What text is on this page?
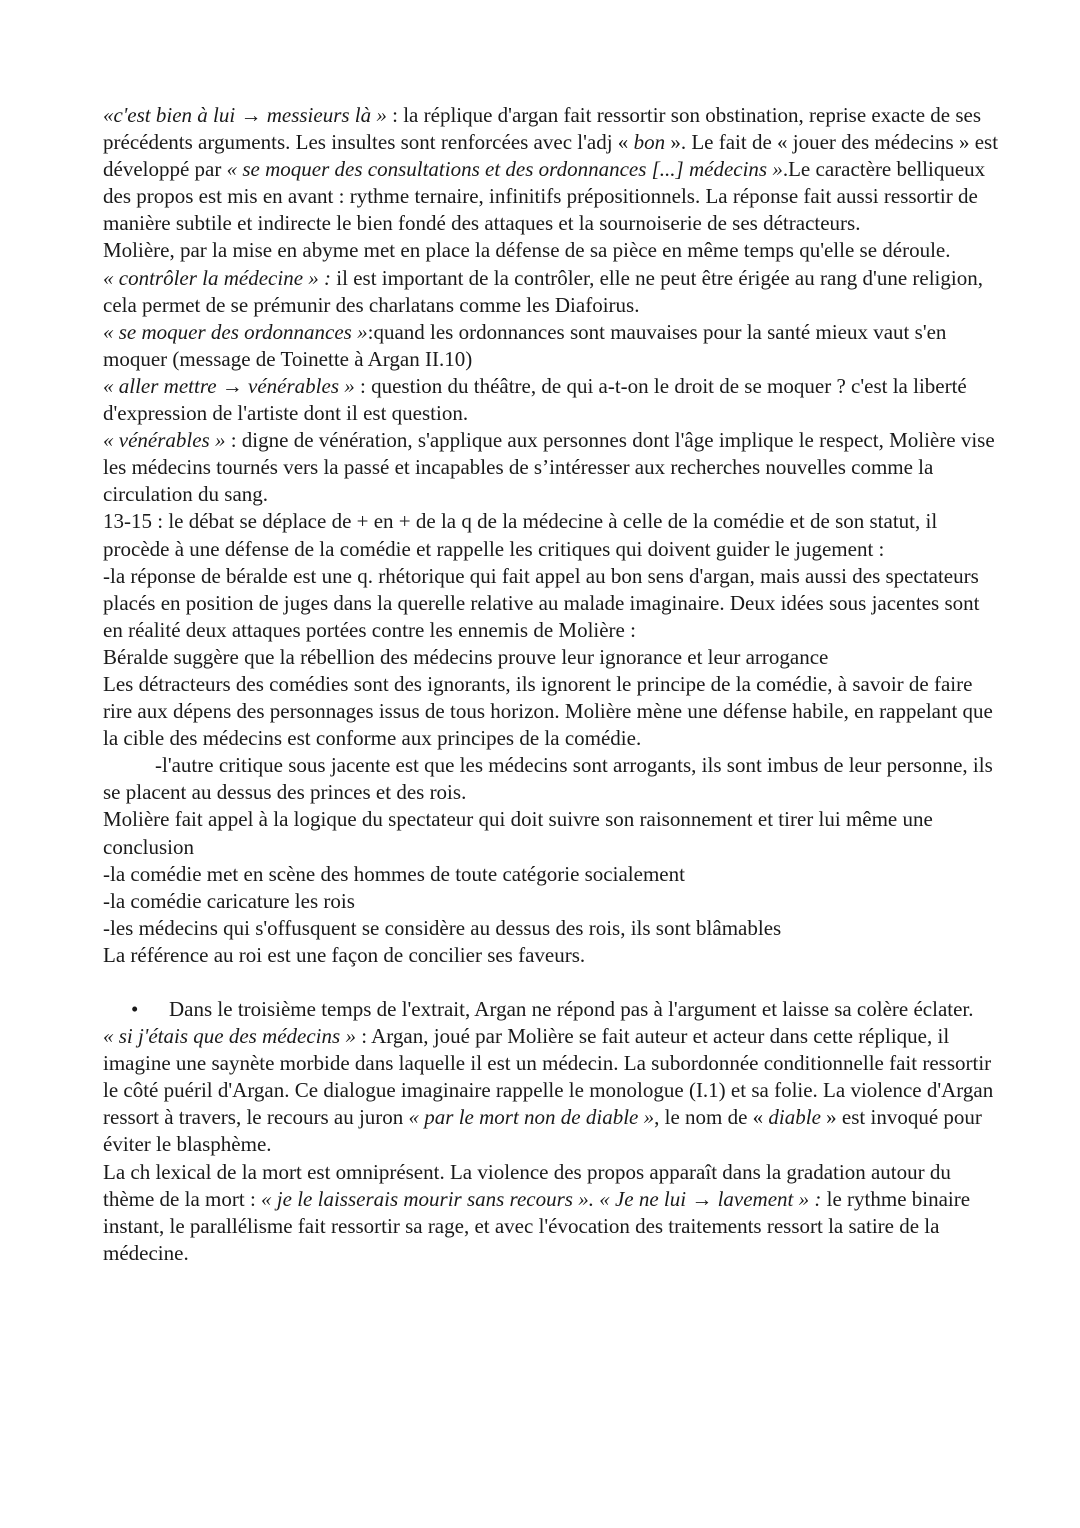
«c'est bien à lui → messieurs là » : la réplique d'argan fait ressortir son obstination, reprise exacte de ses précédents arguments. Les insultes sont renforcées avec l'adj « bon ». Le fait de « jouer des médecins » est développé par « se moquer des consultations et des ordonnances [...] médecins ».Le caractère belliqueux des propos est mis en avant : rythme ternaire, infinitifs prépositionnels. La réponse fait aussi ressortir de manière subtile et indirecte le bien fondé des attaques et la sournoiserie de ses détracteurs.

Molière, par la mise en abyme met en place la défense de sa pièce en même temps qu'elle se déroule.

« contrôler la médecine » : il est important de la contrôler, elle ne peut être érigée au rang d'une religion, cela permet de se prémunir des charlatans comme les Diafoirus.

« se moquer des ordonnances »:quand les ordonnances sont mauvaises pour la santé mieux vaut s'en moquer (message de Toinette à Argan II.10)

« aller mettre → vénérables » : question du théâtre, de qui a-t-on le droit de se moquer ? c'est la liberté d'expression de l'artiste dont il est question.

« vénérables » : digne de vénération, s'applique aux personnes dont l'âge implique le respect, Molière vise les médecins tournés vers la passé et incapables de s’intéresser aux recherches nouvelles comme la circulation du sang.

13-15 : le débat se déplace de + en + de la q de la médecine à celle de la comédie et de son statut, il procède à une défense de la comédie et rappelle les critiques qui doivent guider le jugement :

-la réponse de béralde est une q. rhétorique qui fait appel au bon sens d'argan, mais aussi des spectateurs placés en position de juges dans la querelle relative au malade imaginaire. Deux idées sous jacentes sont en réalité deux attaques portées contre les ennemis de Molière :

Béralde suggère que la rébellion des médecins prouve leur ignorance et leur arrogance

Les détracteurs des comédies sont des ignorants, ils ignorent le principe de la comédie, à savoir de faire rire aux dépens des personnages issus de tous horizon. Molière mène une défense habile, en rappelant que la cible des médecins est conforme aux principes de la comédie.

-l'autre critique sous jacente est que les médecins sont arrogants, ils sont imbus de leur personne, ils se placent au dessus des princes et des rois.

Molière fait appel à la logique du spectateur qui doit suivre son raisonnement et tirer lui même une conclusion

-la comédie met en scène des hommes de toute catégorie socialement

-la comédie caricature les rois

-les médecins qui s'offusquent se considère au dessus des rois, ils sont blâmables

La référence au roi est une façon de concilier ses faveurs.

• Dans le troisième temps de l'extrait, Argan ne répond pas à l'argument et laisse sa colère éclater.

« si j'étais que des médecins » : Argan, joué par Molière se fait auteur et acteur dans cette réplique, il imagine une saynète morbide dans laquelle il est un médecin. La subordonnée conditionnelle fait ressortir le côté puéril d'Argan. Ce dialogue imaginaire rappelle le monologue (I.1) et sa folie. La violence d'Argan ressort à travers, le recours au juron « par le mort non de diable », le nom de « diable » est invoqué pour éviter le blasphème.

La ch lexical de la mort est omniprésent. La violence des propos apparaît dans la gradation autour du thème de la mort : « je le laisserais mourir sans recours ». « Je ne lui → lavement » : le rythme binaire instant, le parallélisme fait ressortir sa rage, et avec l'évocation des traitements ressort la satire de la médecine.
